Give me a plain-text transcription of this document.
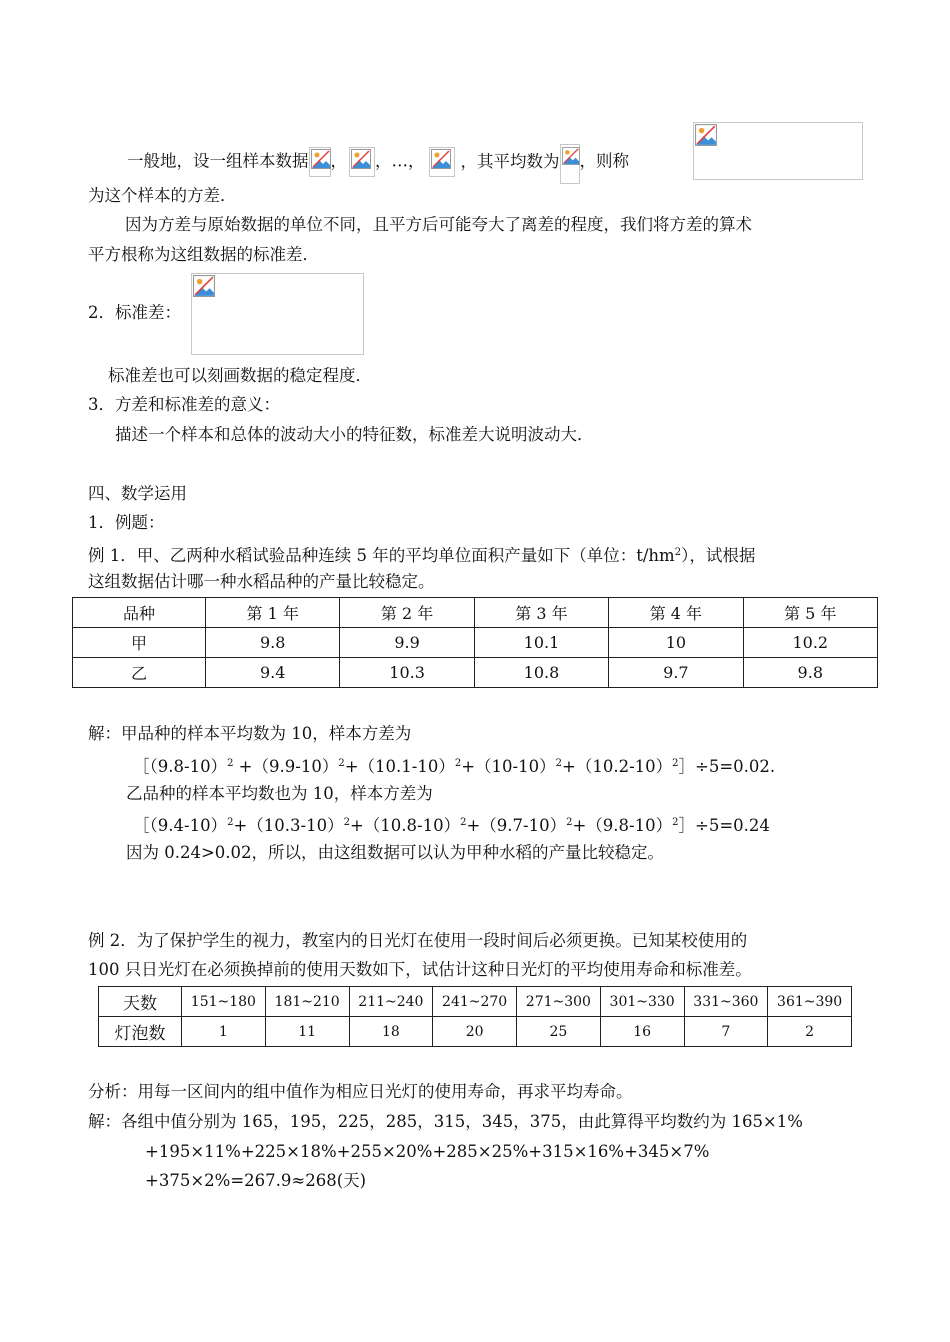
一般地，设一组样本数据 ， ，…， ，其平均数为 ，则称
为这个样本的方差．
因为方差与原始数据的单位不同，且平方后可能夸大了离差的程度，我们将方差的算术
平方根称为这组数据的标准差．
2．标准差：
标准差也可以刻画数据的稳定程度．
3．方差和标准差的意义：
描述一个样本和总体的波动大小的特征数，标准差大说明波动大．
四、数学运用
1．例题：
例 1．甲、乙两种水稻试验品种连续 5 年的平均单位面积产量如下（单位：$t/hm^2$），试根据
这组数据估计哪一种水稻品种的产量比较稳定。
品种	第 1 年	第 2 年	第 3 年	第 4 年	第 5 年
甲	9.8	9.9	10.1	10	10.2
乙	9.4	10.3	10.8	9.7	9.8
解：甲品种的样本平均数为 10，样本方差为
$[(9.8-10)^2$ $+(9.9-10)^2+(10.1-10)^2+(10-10)^2+(10.2-10)^2]\div 5=0.02$.
乙品种的样本平均数也为 10，样本方差为
$[(9.4-10)^2+(10.3-10)^2+(10.8-10)^2+(9.7-10)^2+(9.8-10)^2]\div 5=0.24$
因为 0.24>0.02，所以，由这组数据可以认为甲种水稻的产量比较稳定。
例 2．为了保护学生的视力，教室内的日光灯在使用一段时间后必须更换。已知某校使用的
100 只日光灯在必须换掉前的使用天数如下，试估计这种日光灯的平均使用寿命和标准差。
天数	151~180	181~210	211~240	241~270	271~300	301~330	331~360	361~390
灯泡数	1	11	18	20	25	16	7	2
分析：用每一区间内的组中值作为相应日光灯的使用寿命，再求平均寿命。
解：各组中值分别为 165，195，225，285，315，345，375，由此算得平均数约为 165×1%
+195×11%+225×18%+255×20%+285×25%+315×16%+345×7%
+375×2%=267.9≈268(天)
